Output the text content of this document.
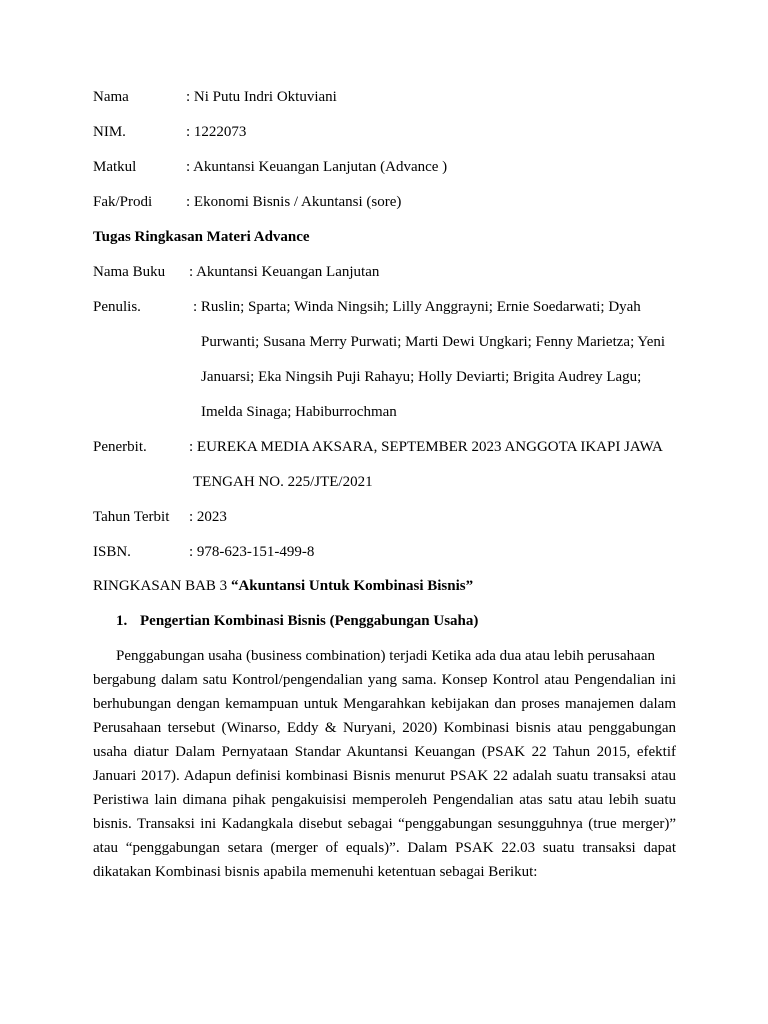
Nama	: Ni Putu Indri Oktuviani
NIM.	: 1222073
Matkul	: Akuntansi Keuangan Lanjutan (Advance )
Fak/Prodi : Ekonomi Bisnis / Akuntansi (sore)
Tugas Ringkasan Materi Advance
Nama Buku : Akuntansi Keuangan Lanjutan
Penulis.	: Ruslin; Sparta; Winda Ningsih; Lilly Anggrayni; Ernie Soedarwati; Dyah
Purwanti; Susana Merry Purwati; Marti Dewi Ungkari; Fenny Marietza; Yeni
Januarsi; Eka Ningsih Puji Rahayu; Holly Deviarti; Brigita Audrey Lagu;
Imelda Sinaga; Habiburrochman
Penerbit.	: EUREKA MEDIA AKSARA, SEPTEMBER 2023 ANGGOTA IKAPI JAWA
TENGAH NO. 225/JTE/2021
Tahun Terbit : 2023
ISBN.	: 978-623-151-499-8
RINGKASAN BAB 3 “Akuntansi Untuk Kombinasi Bisnis”
1. Pengertian Kombinasi Bisnis (Penggabungan Usaha)
Penggabungan usaha (business combination) terjadi Ketika ada dua atau lebih perusahaan
bergabung dalam satu Kontrol/pengendalian yang sama. Konsep Kontrol atau Pengendalian ini
berhubungan dengan kemampuan untuk Mengarahkan kebijakan dan proses manajemen dalam
Perusahaan tersebut (Winarso, Eddy & Nuryani, 2020) Kombinasi bisnis atau penggabungan
usaha diatur Dalam Pernyataan Standar Akuntansi Keuangan (PSAK 22 Tahun 2015, efektif
Januari 2017). Adapun definisi kombinasi Bisnis menurut PSAK 22 adalah suatu transaksi atau
Peristiwa lain dimana pihak pengakuisisi memperoleh Pengendalian atas satu atau lebih suatu
bisnis. Transaksi ini Kadangkala disebut sebagai “penggabungan sesungguhnya (true merger)”
atau “penggabungan setara (merger of equals)”. Dalam PSAK 22.03 suatu transaksi dapat
dikatakan Kombinasi bisnis apabila memenuhi ketentuan sebagai Berikut:
